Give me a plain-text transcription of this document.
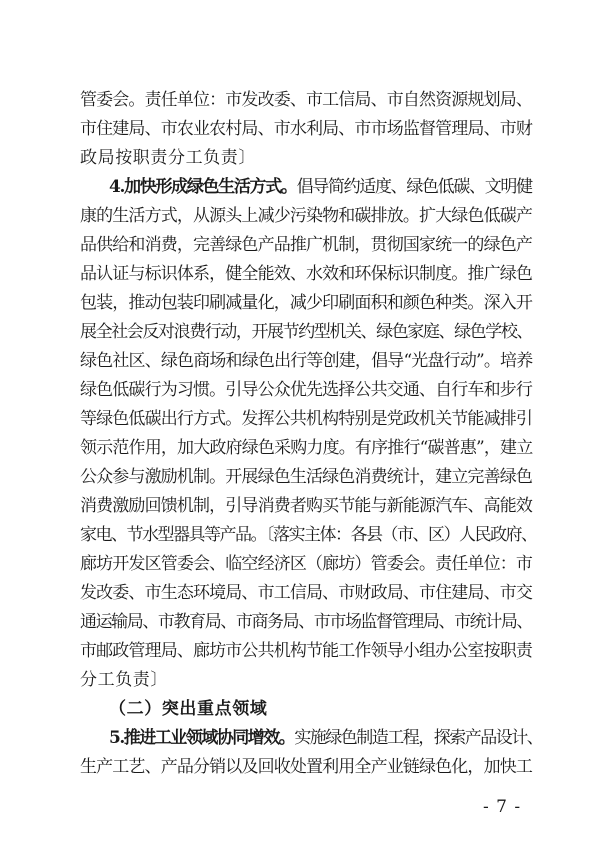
管委会。责任单位：市发改委、市工信局、市自然资源规划局、
市住建局、市农业农村局、市水利局、市市场监督管理局、市财
政局按职责分工负责〕
4.加快形成绿色生活方式。倡导简约适度、绿色低碳、文明健
康的生活方式，从源头上减少污染物和碳排放。扩大绿色低碳产
品供给和消费，完善绿色产品推广机制，贯彻国家统一的绿色产
品认证与标识体系，健全能效、水效和环保标识制度。推广绿色
包装，推动包装印刷减量化，减少印刷面积和颜色种类。深入开
展全社会反对浪费行动，开展节约型机关、绿色家庭、绿色学校、
绿色社区、绿色商场和绿色出行等创建，倡导“光盘行动”。培养
绿色低碳行为习惯。引导公众优先选择公共交通、自行车和步行
等绿色低碳出行方式。发挥公共机构特别是党政机关节能减排引
领示范作用，加大政府绿色采购力度。有序推行“碳普惠”，建立
公众参与激励机制。开展绿色生活绿色消费统计，建立完善绿色
消费激励回馈机制，引导消费者购买节能与新能源汽车、高能效
家电、节水型器具等产品。〔落实主体：各县（市、区）人民政府、
廊坊开发区管委会、临空经济区（廊坊）管委会。责任单位：市
发改委、市生态环境局、市工信局、市财政局、市住建局、市交
通运输局、市教育局、市商务局、市市场监督管理局、市统计局、
市邮政管理局、廊坊市公共机构节能工作领导小组办公室按职责
分工负责〕
（二）突出重点领域
5.推进工业领域协同增效。实施绿色制造工程，探索产品设计、
生产工艺、产品分销以及回收处置利用全产业链绿色化，加快工
- 7 -
